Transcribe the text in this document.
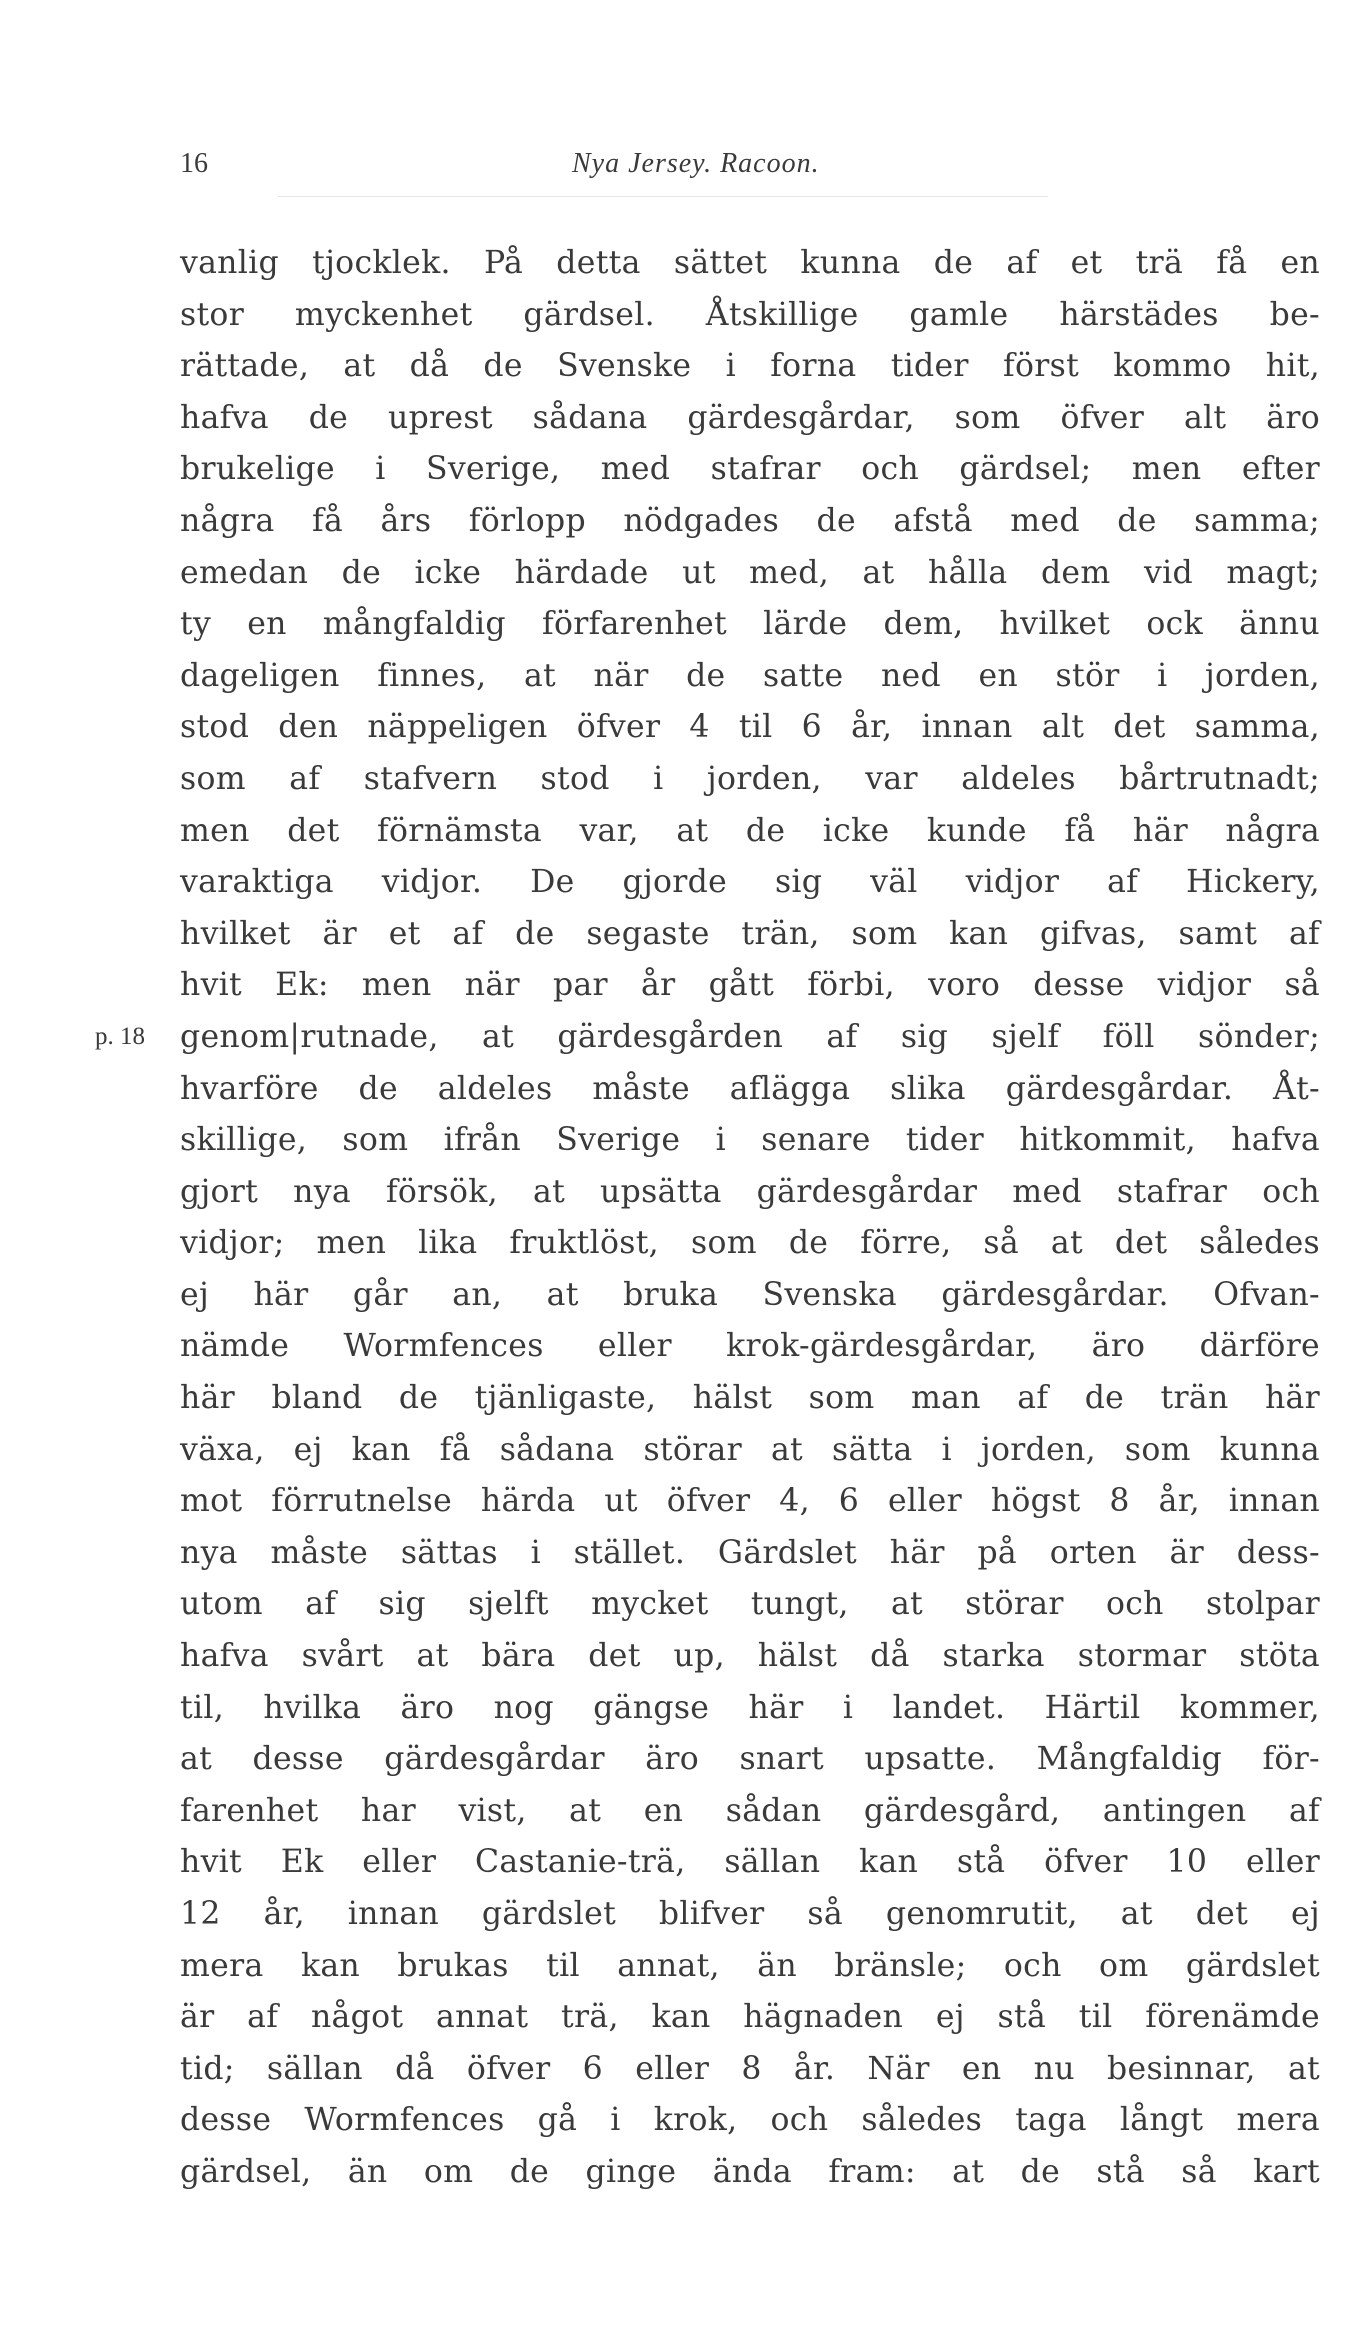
16	Nya Jersey. Racoon.
p. 18
vanlig tjocklek. På detta sättet kunna de af et trä få en
stor myckenhet gärdsel. Åtskillige gamle härstädes be-
rättade, at då de Svenske i forna tider först kommo hit,
hafva de uprest sådana gärdesgårdar, som öfver alt äro
brukelige i Sverige, med stafrar och gärdsel; men efter
några få års förlopp nödgades de afstå med de samma;
emedan de icke härdade ut med, at hålla dem vid magt;
ty en mångfaldig förfarenhet lärde dem, hvilket ock ännu
dageligen finnes, at när de satte ned en stör i jorden,
stod den näppeligen öfver 4 til 6 år, innan alt det samma,
som af stafvern stod i jorden, var aldeles bårtrutnadt;
men det förnämsta var, at de icke kunde få här några
varaktiga vidjor. De gjorde sig väl vidjor af Hickery,
hvilket är et af de segaste trän, som kan gifvas, samt af
hvit Ek: men när par år gått förbi, voro desse vidjor så
genom|rutnade, at gärdesgården af sig sjelf föll sönder;
hvarföre de aldeles måste aflägga slika gärdesgårdar. Åt-
skillige, som ifrån Sverige i senare tider hitkommit, hafva
gjort nya försök, at upsätta gärdesgårdar med stafrar och
vidjor; men lika fruktlöst, som de förre, så at det således
ej här går an, at bruka Svenska gärdesgårdar. Ofvan-
nämde Wormfences eller krok-gärdesgårdar, äro därföre
här bland de tjänligaste, hälst som man af de trän här
växa, ej kan få sådana störar at sätta i jorden, som kunna
mot förrutnelse härda ut öfver 4, 6 eller högst 8 år, innan
nya måste sättas i stället. Gärdslet här på orten är dess-
utom af sig sjelft mycket tungt, at störar och stolpar
hafva svårt at bära det up, hälst då starka stormar stöta
til, hvilka äro nog gängse här i landet. Härtil kommer,
at desse gärdesgårdar äro snart upsatte. Mångfaldig för-
farenhet har vist, at en sådan gärdesgård, antingen af
hvit Ek eller Castanie-trä, sällan kan stå öfver 10 eller
12 år, innan gärdslet blifver så genomrutit, at det ej
mera kan brukas til annat, än bränsle; och om gärdslet
är af något annat trä, kan hägnaden ej stå til förenämde
tid; sällan då öfver 6 eller 8 år. När en nu besinnar, at
desse Wormfences gå i krok, och således taga långt mera
gärdsel, än om de ginge ända fram: at de stå så kart
